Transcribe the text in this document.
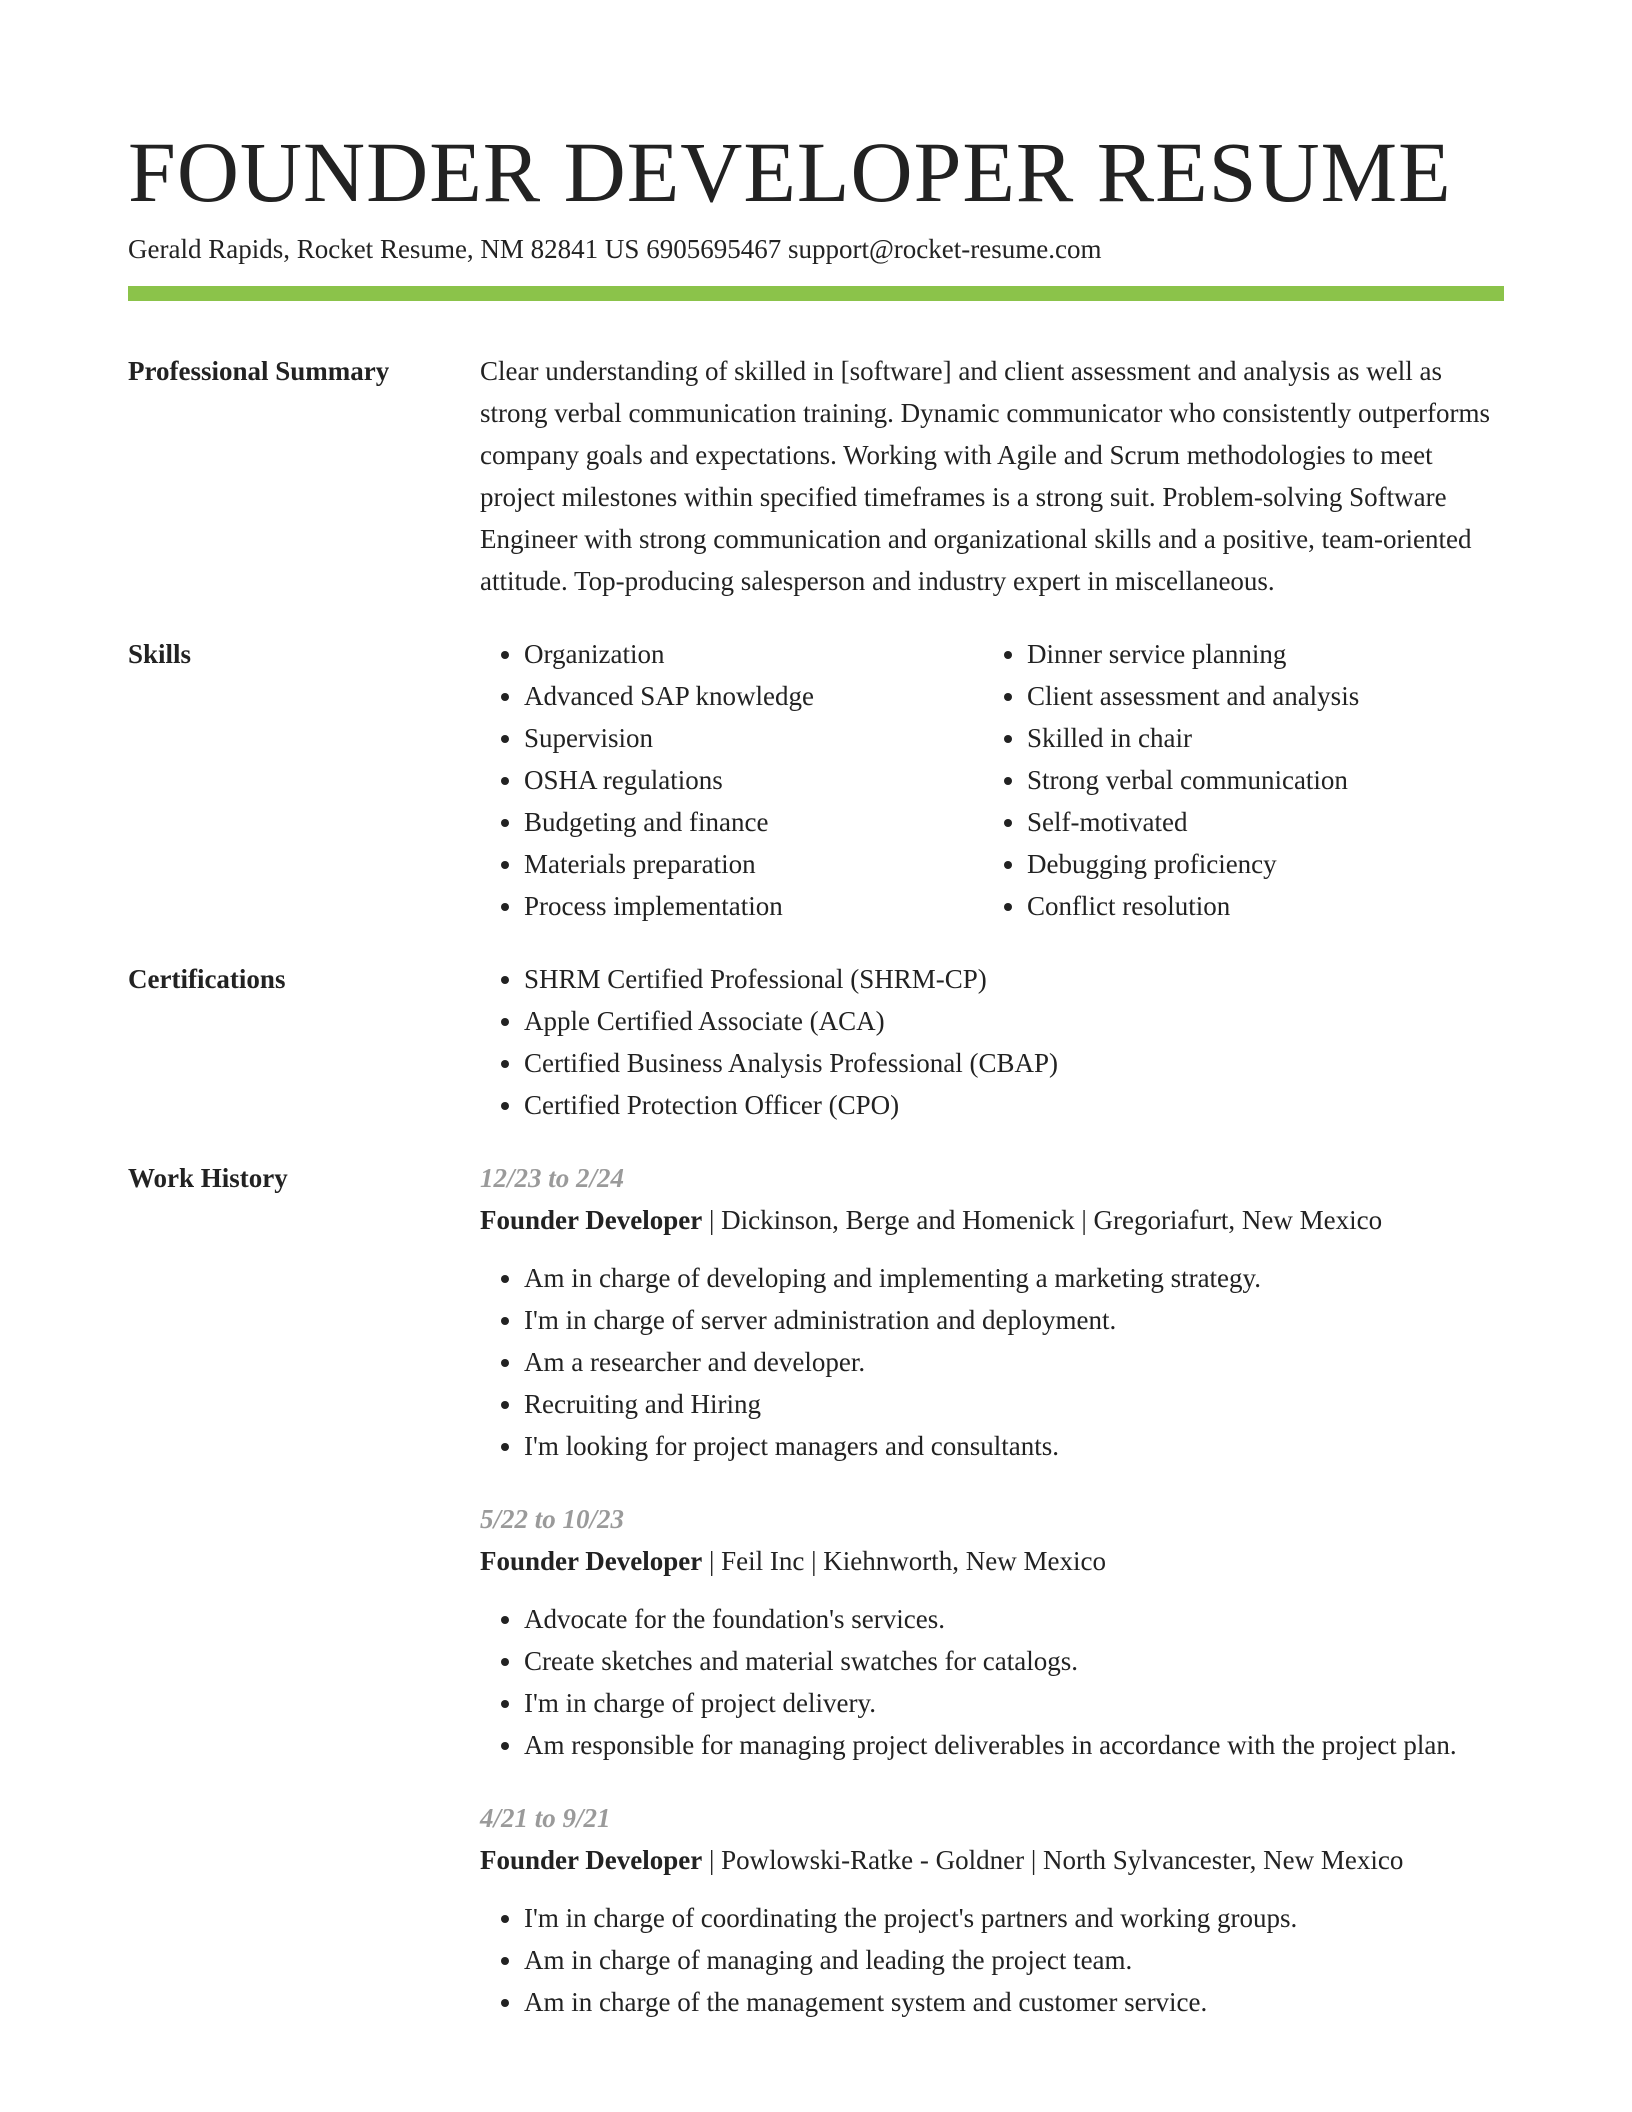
FOUNDER DEVELOPER RESUME
Gerald Rapids, Rocket Resume, NM 82841 US 6905695467 support@rocket-resume.com
Professional Summary	Clear understanding of skilled in [software] and client assessment and analysis as well as strong verbal communication training. Dynamic communicator who consistently outperforms company goals and expectations. Working with Agile and Scrum methodologies to meet project milestones within specified timeframes is a strong suit. Problem-solving Software Engineer with strong communication and organizational skills and a positive, team-oriented attitude. Top-producing salesperson and industry expert in miscellaneous.

Skills	• Organization
• Advanced SAP knowledge
• Supervision
• OSHA regulations
• Budgeting and finance
• Materials preparation
• Process implementation
• Dinner service planning
• Client assessment and analysis
• Skilled in chair
• Strong verbal communication
• Self-motivated
• Debugging proficiency
• Conflict resolution
Certifications	• SHRM Certified Professional (SHRM-CP)
• Apple Certified Associate (ACA)
• Certified Business Analysis Professional (CBAP)
• Certified Protection Officer (CPO)
Work History	12/23 to 2/24
Founder Developer | Dickinson, Berge and Homenick | Gregoriafurt, New Mexico
• Am in charge of developing and implementing a marketing strategy.
• I'm in charge of server administration and deployment.
• Am a researcher and developer.
• Recruiting and Hiring
• I'm looking for project managers and consultants.
5/22 to 10/23
Founder Developer | Feil Inc | Kiehnworth, New Mexico
• Advocate for the foundation's services.
• Create sketches and material swatches for catalogs.
• I'm in charge of project delivery.
• Am responsible for managing project deliverables in accordance with the project plan.
4/21 to 9/21
Founder Developer | Powlowski-Ratke - Goldner | North Sylvancester, New Mexico
• I'm in charge of coordinating the project's partners and working groups.
• Am in charge of managing and leading the project team.
• Am in charge of the management system and customer service.
